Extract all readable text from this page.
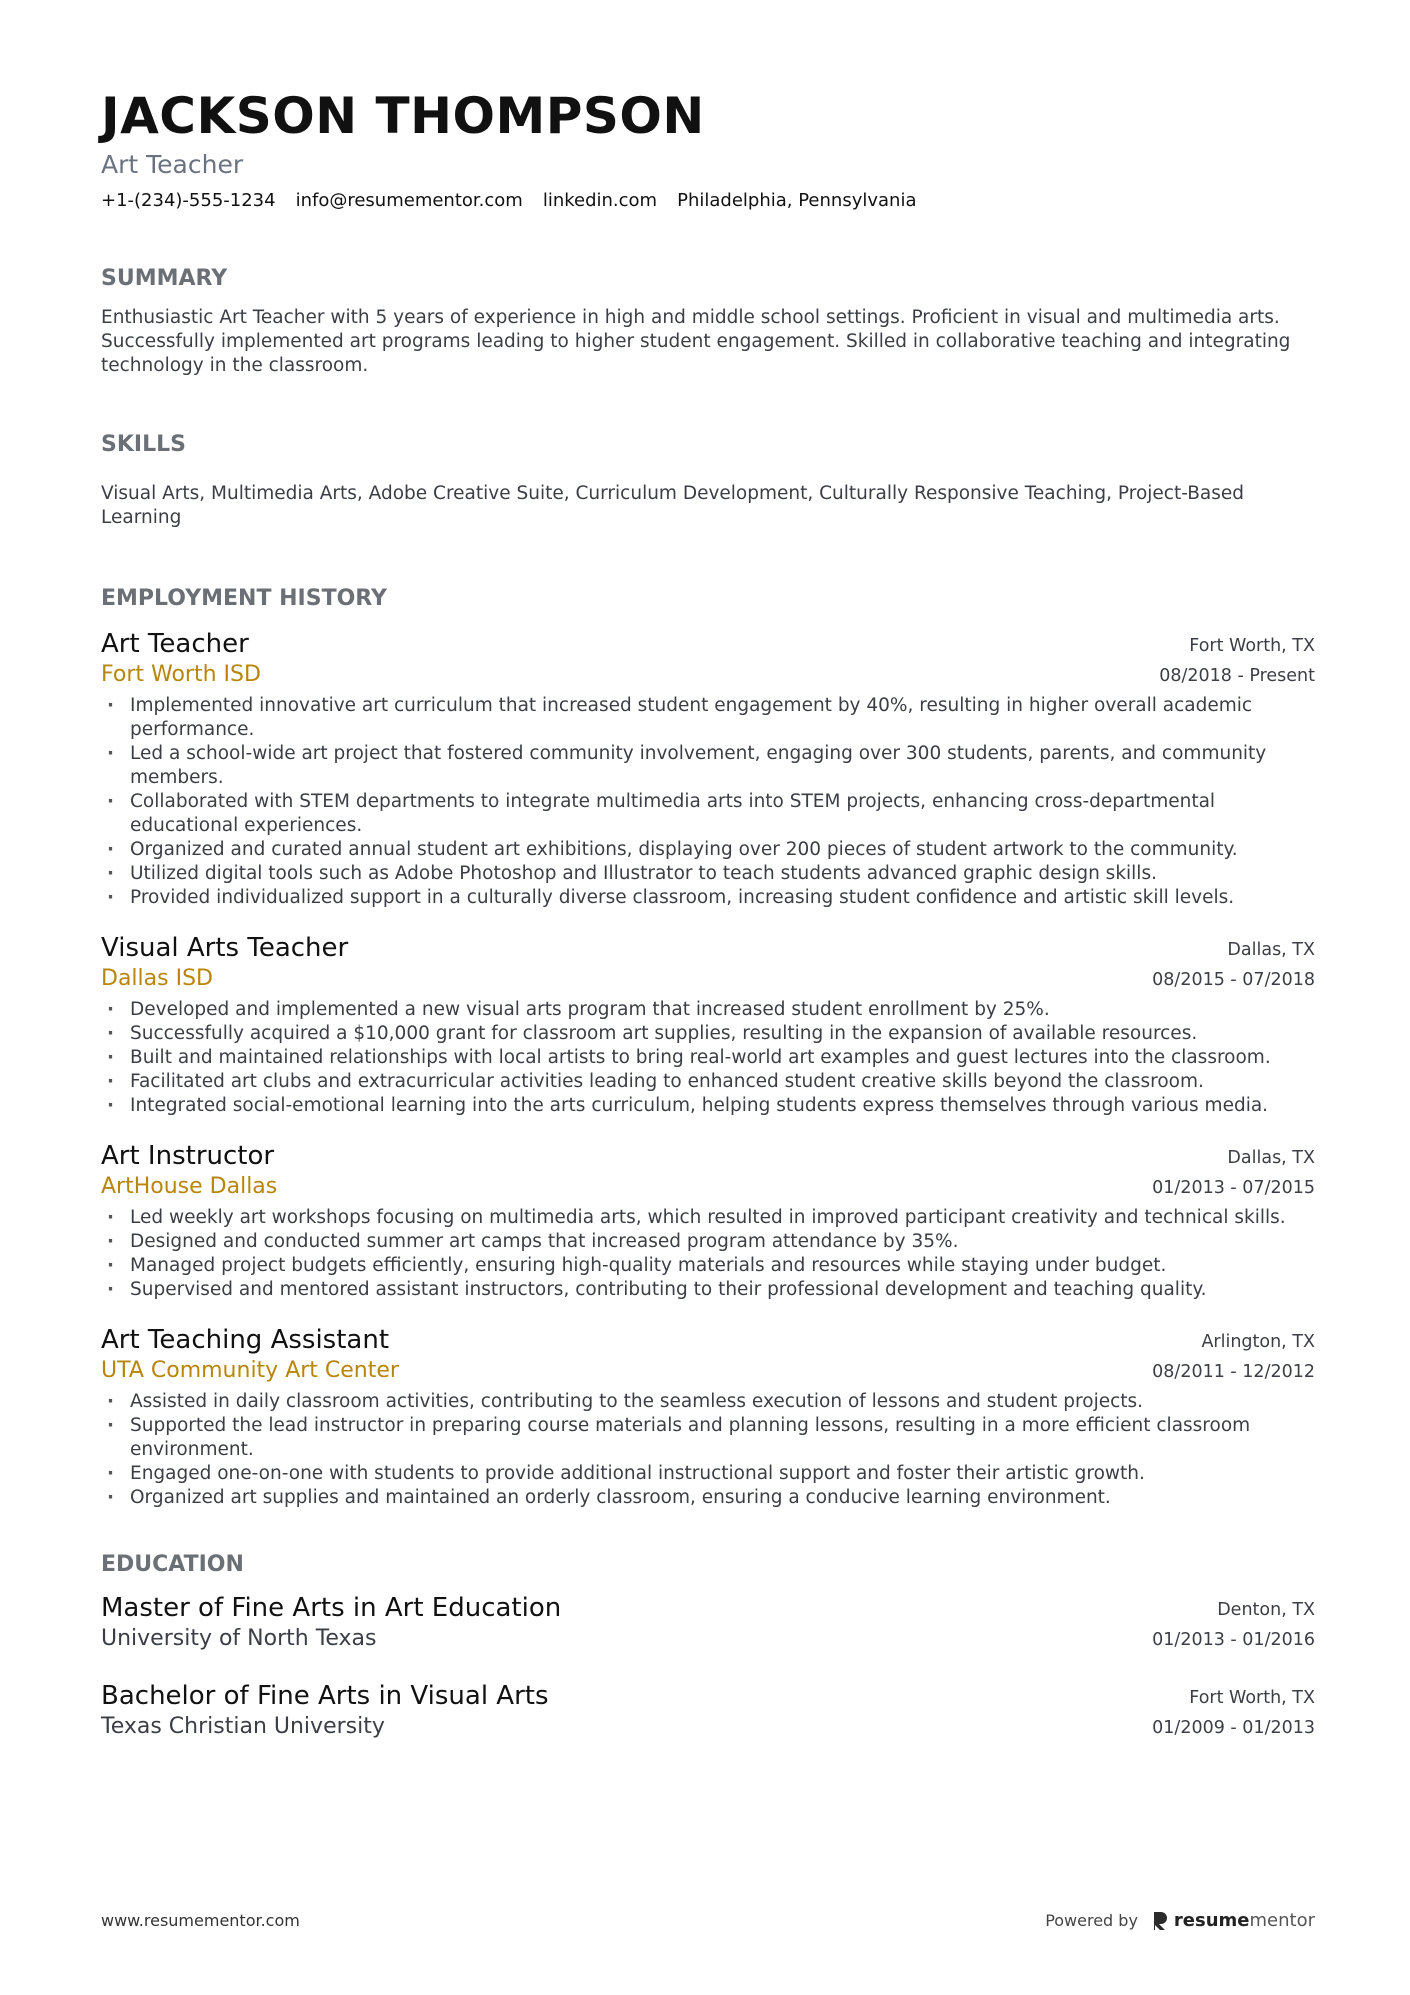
JACKSON THOMPSON
Art Teacher
+1-(234)-555-1234 info@resumementor.com linkedin.com Philadelphia, Pennsylvania
SUMMARY

Enthusiastic Art Teacher with 5 years of experience in high and middle school settings. Proficient in visual and multimedia arts. Successfully implemented art programs leading to higher student engagement. Skilled in collaborative teaching and integrating technology in the classroom.

SKILLS

Visual Arts, Multimedia Arts, Adobe Creative Suite, Curriculum Development, Culturally Responsive Teaching, Project-Based Learning

EMPLOYMENT HISTORY
Art Teacher	Fort Worth, TX
Fort Worth ISD	08/2018 - Present
· Implemented innovative art curriculum that increased student engagement by 40%, resulting in higher overall academic performance.
· Led a school-wide art project that fostered community involvement, engaging over 300 students, parents, and community members.
· Collaborated with STEM departments to integrate multimedia arts into STEM projects, enhancing cross-departmental educational experiences.
· Organized and curated annual student art exhibitions, displaying over 200 pieces of student artwork to the community.
· Utilized digital tools such as Adobe Photoshop and Illustrator to teach students advanced graphic design skills.
· Provided individualized support in a culturally diverse classroom, increasing student confidence and artistic skill levels.
Visual Arts Teacher	Dallas, TX
Dallas ISD	08/2015 - 07/2018
· Developed and implemented a new visual arts program that increased student enrollment by 25%.
· Successfully acquired a $10,000 grant for classroom art supplies, resulting in the expansion of available resources.
· Built and maintained relationships with local artists to bring real-world art examples and guest lectures into the classroom.
· Facilitated art clubs and extracurricular activities leading to enhanced student creative skills beyond the classroom.
· Integrated social-emotional learning into the arts curriculum, helping students express themselves through various media.
Art Instructor	Dallas, TX
ArtHouse Dallas	01/2013 - 07/2015
· Led weekly art workshops focusing on multimedia arts, which resulted in improved participant creativity and technical skills.
· Designed and conducted summer art camps that increased program attendance by 35%.
· Managed project budgets efficiently, ensuring high-quality materials and resources while staying under budget.
· Supervised and mentored assistant instructors, contributing to their professional development and teaching quality.
Art Teaching Assistant	Arlington, TX
UTA Community Art Center	08/2011 - 12/2012
· Assisted in daily classroom activities, contributing to the seamless execution of lessons and student projects.
· Supported the lead instructor in preparing course materials and planning lessons, resulting in a more efficient classroom environment.
· Engaged one-on-one with students to provide additional instructional support and foster their artistic growth.
· Organized art supplies and maintained an orderly classroom, ensuring a conducive learning environment.
EDUCATION
Master of Fine Arts in Art Education	Denton, TX
University of North Texas	01/2013 - 01/2016
Bachelor of Fine Arts in Visual Arts	Fort Worth, TX
Texas Christian University	01/2009 - 01/2013
www.resumementor.com	Powered by resumementor
